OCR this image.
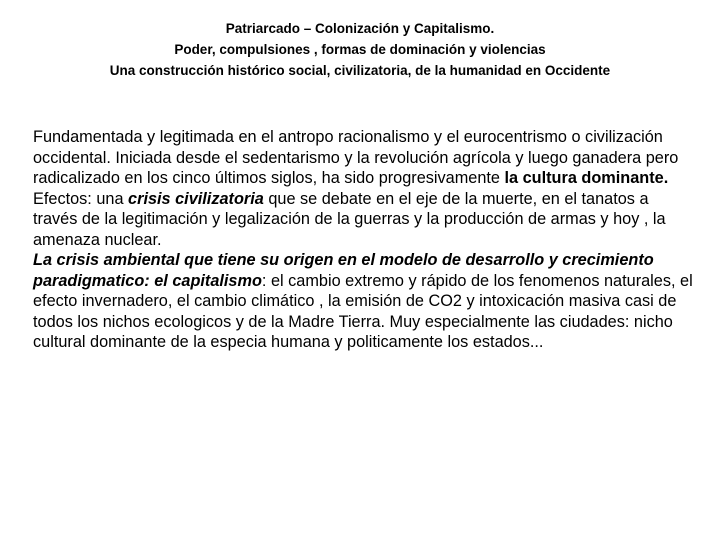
Patriarcado – Colonización y Capitalismo.
Poder, compulsiones , formas de dominación y violencias
Una construcción histórico social, civilizatoria, de la humanidad en Occidente

Fundamentada y legitimada en el antropo racionalismo y el eurocentrismo o civilización occidental. Iniciada desde el sedentarismo y la revolución agrícola y luego ganadera pero radicalizado en los cinco últimos siglos, ha sido progresivamente la cultura dominante.

Efectos: una crisis civilizatoria que se debate en el eje de la muerte, en el tanatos a través de la legitimación y legalización de la guerras y la producción de armas y hoy , la amenaza nuclear.

La crisis ambiental que tiene su origen en el modelo de desarrollo y crecimiento paradigmatico: el capitalismo: el cambio extremo y rápido de los fenomenos naturales, el efecto invernadero, el cambio climático , la emisión de CO2 y intoxicación masiva casi de todos los nichos ecologicos y de la Madre Tierra. Muy especialmente las ciudades: nicho cultural dominante de la especia humana y politicamente los estados...
